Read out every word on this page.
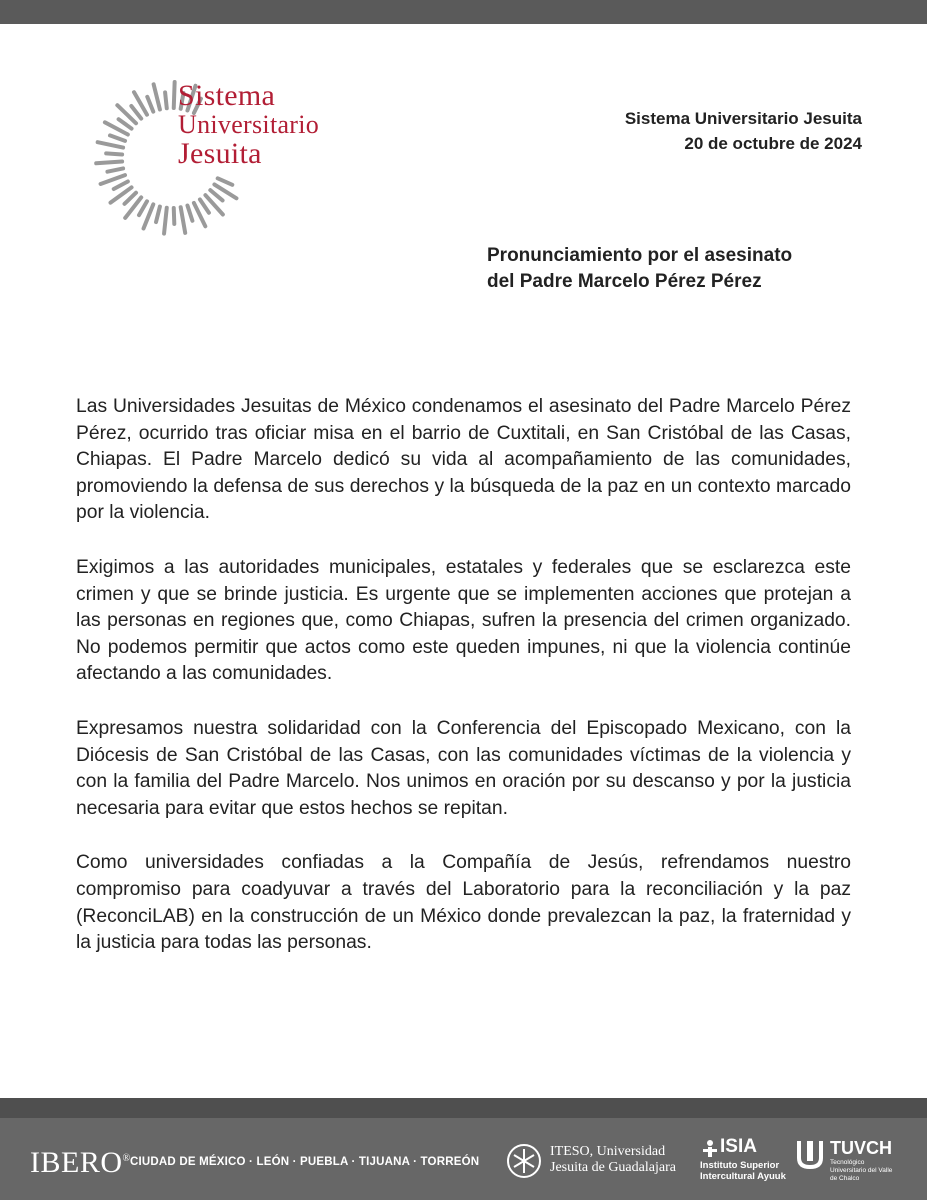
Sistema
Universitario
Jesuita
Sistema Universitario Jesuita
20 de octubre de 2024
Pronunciamiento por el asesinato
del Padre Marcelo Pérez Pérez

Las Universidades Jesuitas de México condenamos el asesinato del Padre Marcelo Pérez Pérez, ocurrido tras oficiar misa en el barrio de Cuxtitali, en San Cristóbal de las Casas, Chiapas. El Padre Marcelo dedicó su vida al acompañamiento de las comunidades, promoviendo la defensa de sus derechos y la búsqueda de la paz en un contexto marcado por la violencia.

Exigimos a las autoridades municipales, estatales y federales que se esclarezca este crimen y que se brinde justicia. Es urgente que se implementen acciones que protejan a las personas en regiones que, como Chiapas, sufren la presencia del crimen organizado. No podemos permitir que actos como este queden impunes, ni que la violencia continúe afectando a las comunidades.

Expresamos nuestra solidaridad con la Conferencia del Episcopado Mexicano, con la Diócesis de San Cristóbal de las Casas, con las comunidades víctimas de la violencia y con la familia del Padre Marcelo. Nos unimos en oración por su descanso y por la justicia necesaria para evitar que estos hechos se repitan.

Como universidades confiadas a la Compañía de Jesús, refrendamos nuestro compromiso para coadyuvar a través del Laboratorio para la reconciliación y la paz (ReconciLAB) en la construcción de un México donde prevalezcan la paz, la fraternidad y la justicia para todas las personas.

IBERO® CIUDAD DE MÉXICO · LEÓN · PUEBLA · TIJUANA · TORREÓN
ITESO, Universidad
Jesuita de Guadalajara
ISIA
Instituto Superior
Intercultural Ayuuk
TUVCH
Tecnológico Universitario del Valle de Chalco
